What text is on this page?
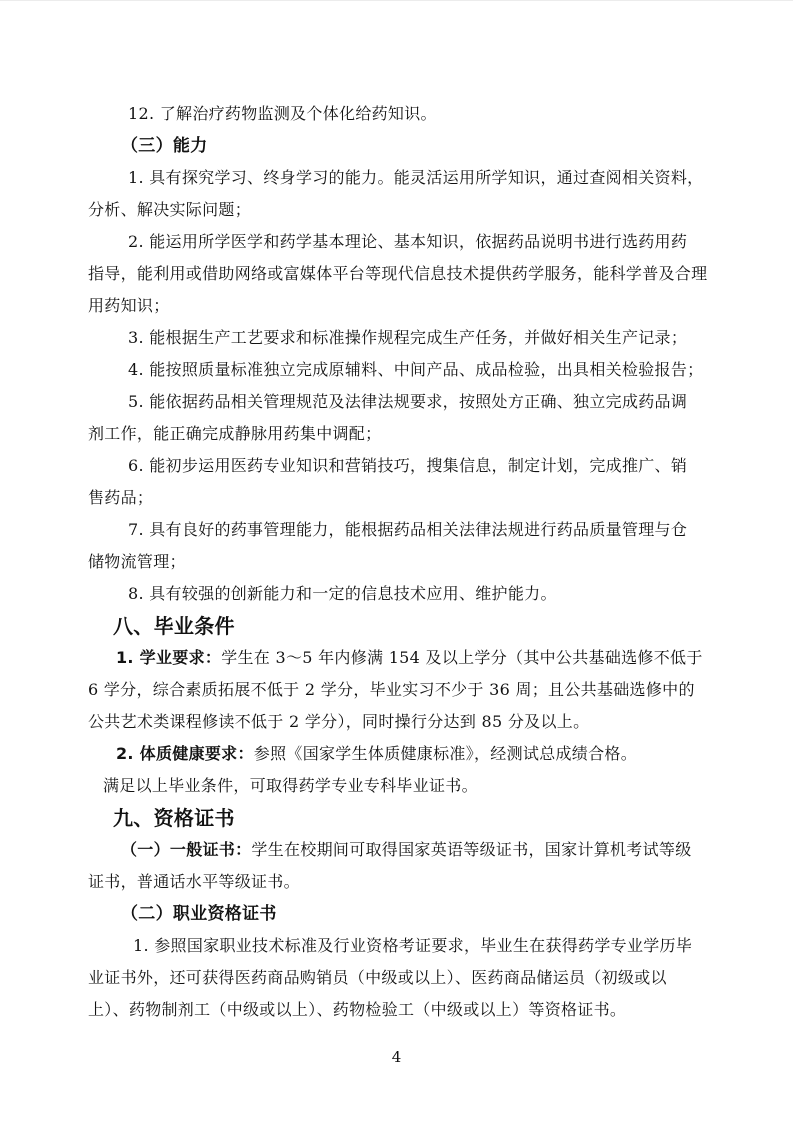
12. 了解治疗药物监测及个体化给药知识。
（三）能力
1. 具有探究学习、终身学习的能力。能灵活运用所学知识，通过查阅相关资料，
分析、解决实际问题；
2. 能运用所学医学和药学基本理论、基本知识，依据药品说明书进行选药用药
指导，能利用或借助网络或富媒体平台等现代信息技术提供药学服务，能科学普及合理
用药知识；
3. 能根据生产工艺要求和标准操作规程完成生产任务，并做好相关生产记录；
4. 能按照质量标准独立完成原辅料、中间产品、成品检验，出具相关检验报告；
5. 能依据药品相关管理规范及法律法规要求，按照处方正确、独立完成药品调
剂工作，能正确完成静脉用药集中调配；
6. 能初步运用医药专业知识和营销技巧，搜集信息，制定计划，完成推广、销
售药品；
7. 具有良好的药事管理能力，能根据药品相关法律法规进行药品质量管理与仓
储物流管理；
8. 具有较强的创新能力和一定的信息技术应用、维护能力。
八、毕业条件
1. 学业要求：学生在 3～5 年内修满 154 及以上学分（其中公共基础选修不低于
6 学分，综合素质拓展不低于 2 学分，毕业实习不少于 36 周；且公共基础选修中的
公共艺术类课程修读不低于 2 学分），同时操行分达到 85 分及以上。
2. 体质健康要求：参照《国家学生体质健康标准》，经测试总成绩合格。
满足以上毕业条件，可取得药学专业专科毕业证书。
九、资格证书
（一）一般证书：学生在校期间可取得国家英语等级证书，国家计算机考试等级
证书，普通话水平等级证书。
（二）职业资格证书
1. 参照国家职业技术标准及行业资格考证要求，毕业生在获得药学专业学历毕
业证书外，还可获得医药商品购销员（中级或以上）、医药商品储运员（初级或以
上）、药物制剂工（中级或以上）、药物检验工（中级或以上）等资格证书。
4
